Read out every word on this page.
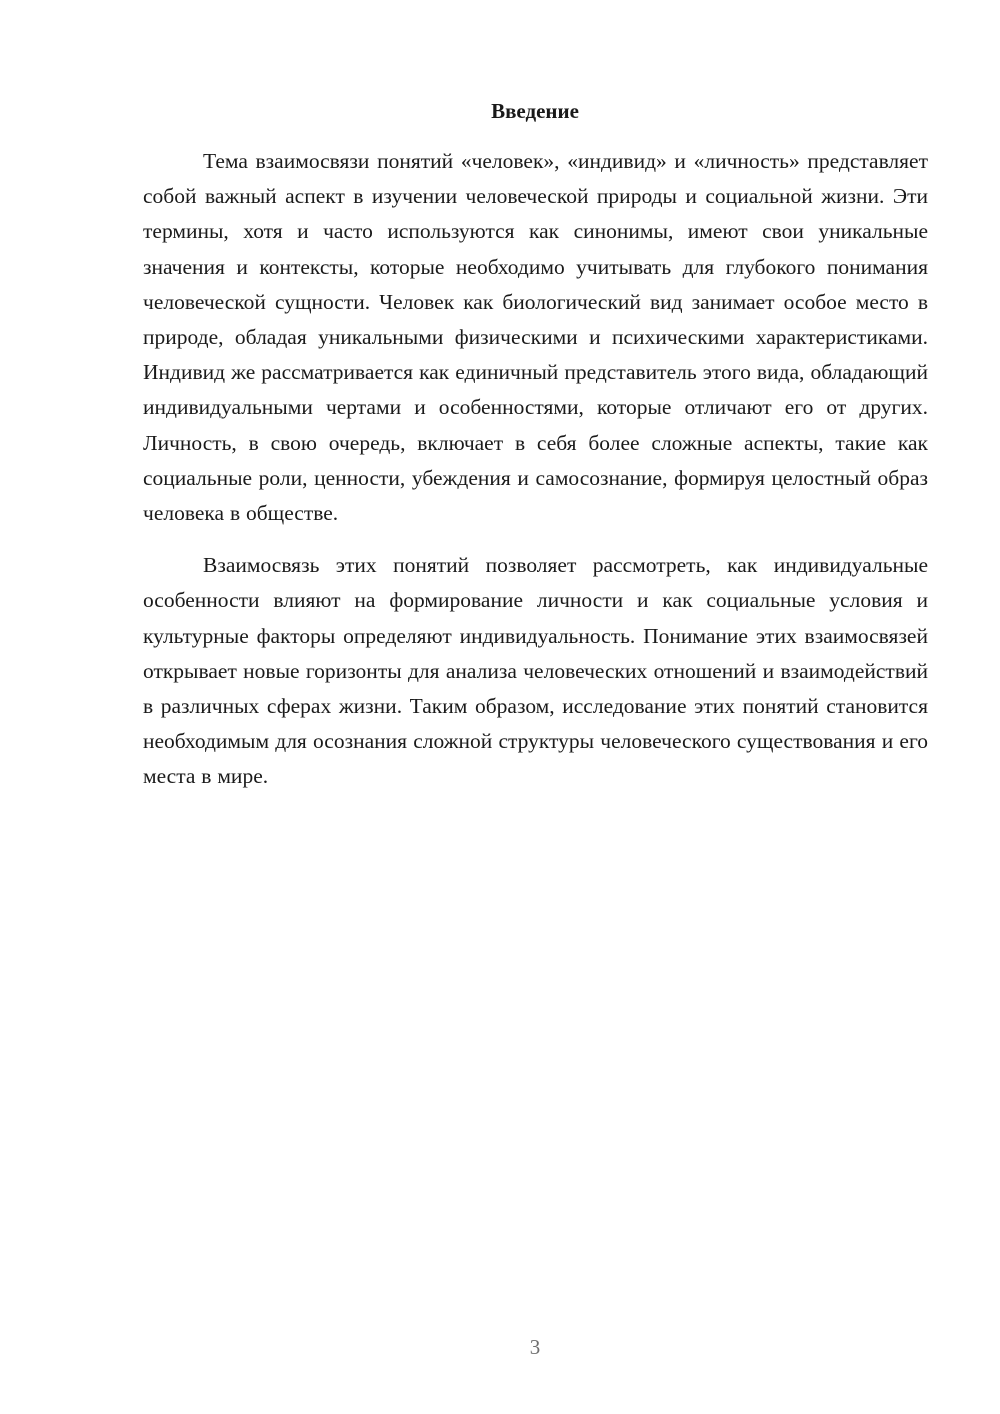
Введение

Тема взаимосвязи понятий «человек», «индивид» и «личность» представляет собой важный аспект в изучении человеческой природы и социальной жизни. Эти термины, хотя и часто используются как синонимы, имеют свои уникальные значения и контексты, которые необходимо учитывать для глубокого понимания человеческой сущности. Человек как биологический вид занимает особое место в природе, обладая уникальными физическими и психическими характеристиками. Индивид же рассматривается как единичный представитель этого вида, обладающий индивидуальными чертами и особенностями, которые отличают его от других. Личность, в свою очередь, включает в себя более сложные аспекты, такие как социальные роли, ценности, убеждения и самосознание, формируя целостный образ человека в обществе.

Взаимосвязь этих понятий позволяет рассмотреть, как индивидуальные особенности влияют на формирование личности и как социальные условия и культурные факторы определяют индивидуальность. Понимание этих взаимосвязей открывает новые горизонты для анализа человеческих отношений и взаимодействий в различных сферах жизни. Таким образом, исследование этих понятий становится необходимым для осознания сложной структуры человеческого существования и его места в мире.

3
